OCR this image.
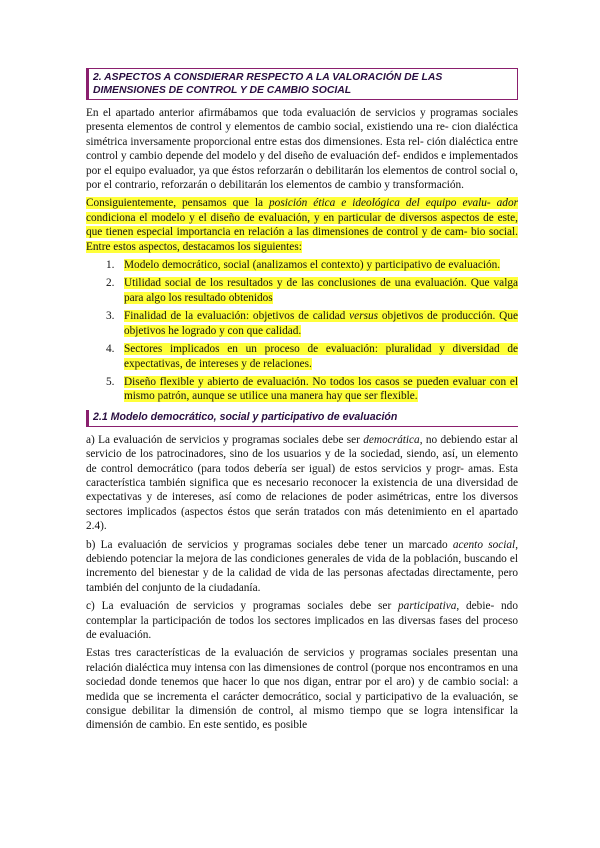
2. ASPECTOS A CONSDIERAR RESPECTO A LA VALORACIÓN DE LAS
DIMENSIONES DE CONTROL Y DE CAMBIO SOCIAL

En el apartado anterior afirmábamos que toda evaluación de servicios y programas sociales presenta elementos de control y elementos de cambio social, existiendo una re- cion dialéctica simétrica inversamente proporcional entre estas dos dimensiones. Esta rel- ción dialéctica entre control y cambio depende del modelo y del diseño de evaluación def- endidos e implementados por el equipo evaluador, ya que éstos reforzarán o debilitarán los elementos de control social o, por el contrario, reforzarán o debilitarán los elementos de cambio y transformación.

Consiguientemente, pensamos que la posición ética e ideológica del equipo evalu- ador condiciona el modelo y el diseño de evaluación, y en particular de diversos aspectos de este, que tienen especial importancia en relación a las dimensiones de control y de cam- bio social. Entre estos aspectos, destacamos los siguientes:

1. Modelo democrático, social (analizamos el contexto) y participativo de evaluación.
2. Utilidad social de los resultados y de las conclusiones de una evaluación. Que valga para algo los resultado obtenidos
3. Finalidad de la evaluación: objetivos de calidad versus objetivos de producción. Que objetivos he logrado y con que calidad.
4. Sectores implicados en un proceso de evaluación: pluralidad y diversidad de expectativas, de intereses y de relaciones.
5. Diseño flexible y abierto de evaluación. No todos los casos se pueden evaluar con el mismo patrón, aunque se utilice una manera hay que ser flexible.
2.1 Modelo democrático, social y participativo de evaluación

a) La evaluación de servicios y programas sociales debe ser democrática, no debiendo estar al servicio de los patrocinadores, sino de los usuarios y de la sociedad, siendo, así, un elemento de control democrático (para todos debería ser igual) de estos servicios y progr- amas. Esta característica también significa que es necesario reconocer la existencia de una diversidad de expectativas y de intereses, así como de relaciones de poder asimétricas, entre los diversos sectores implicados (aspectos éstos que serán tratados con más detenimiento en el apartado 2.4).

b) La evaluación de servicios y programas sociales debe tener un marcado acento social, debiendo potenciar la mejora de las condiciones generales de vida de la población, buscando el incremento del bienestar y de la calidad de vida de las personas afectadas directamente, pero también del conjunto de la ciudadanía.

c) La evaluación de servicios y programas sociales debe ser participativa, debie- ndo contemplar la participación de todos los sectores implicados en las diversas fases del proceso de evaluación.

Estas tres características de la evaluación de servicios y programas sociales presentan una relación dialéctica muy intensa con las dimensiones de control (porque nos encontramos en una sociedad donde tenemos que hacer lo que nos digan, entrar por el aro) y de cambio social: a medida que se incrementa el carácter democrático, social y participativo de la evaluación, se consigue debilitar la dimensión de control, al mismo tiempo que se logra intensificar la dimensión de cambio. En este sentido, es posible
